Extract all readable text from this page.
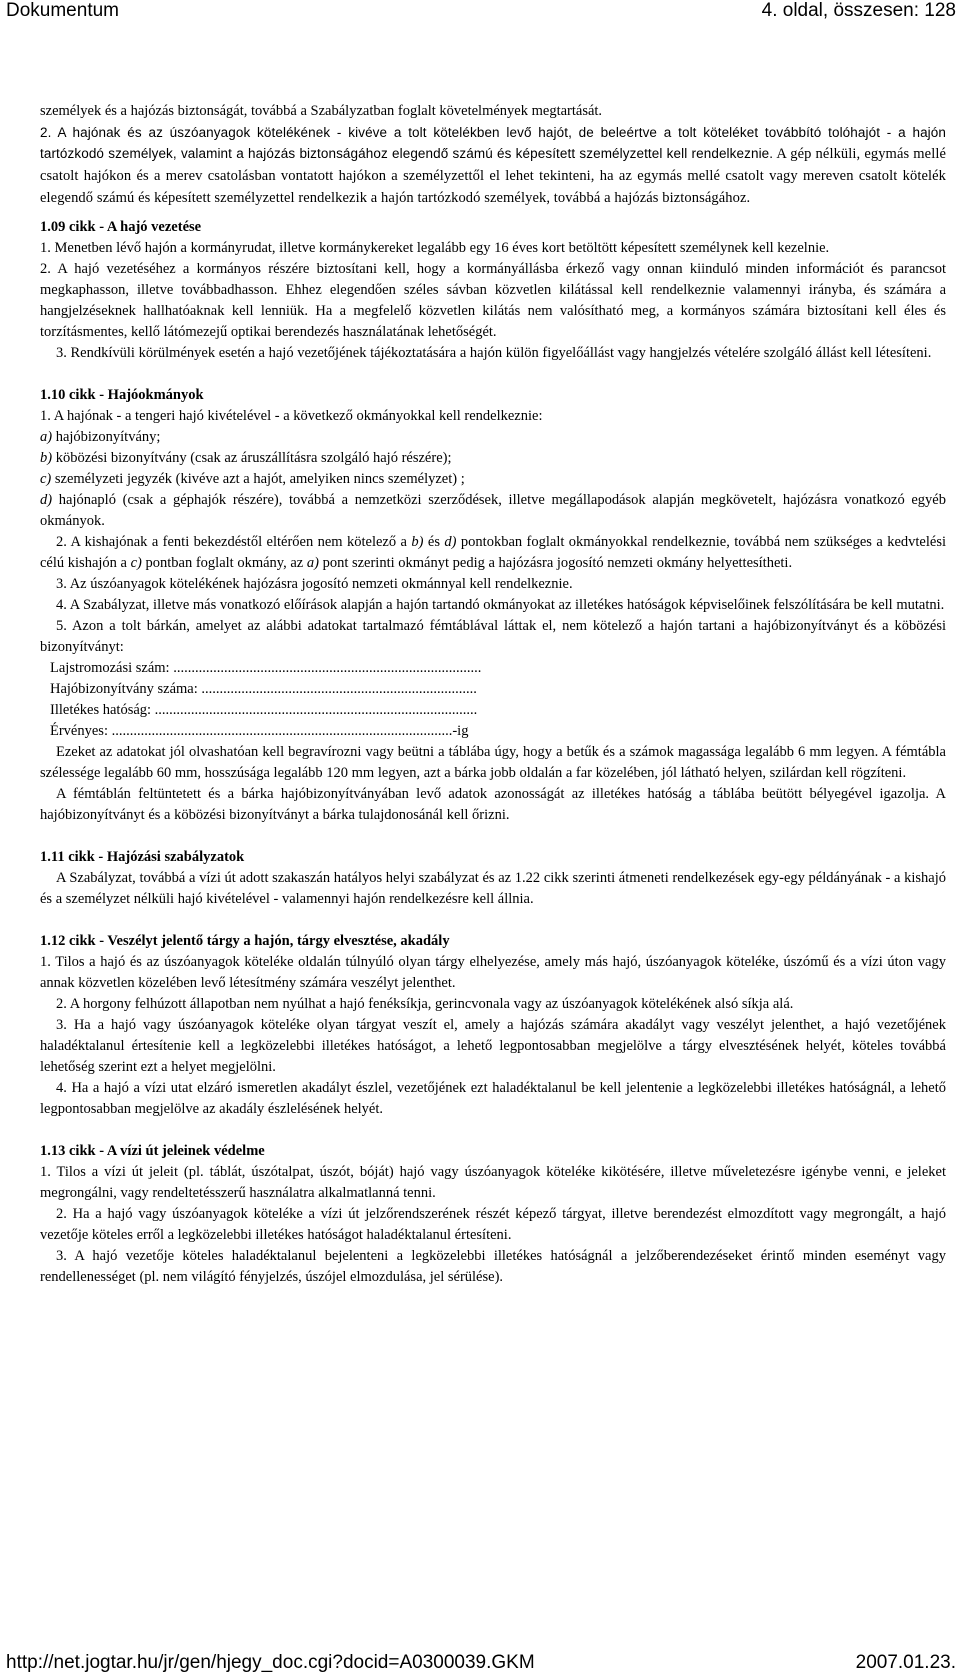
Dokumentum	4. oldal, összesen: 128

személyek és a hajózás biztonságát, továbbá a Szabályzatban foglalt követelmények megtartását.

2. A hajónak és az úszóanyagok kötelékének - kivéve a tolt kötelékben levő hajót, de beleértve a tolt köteléket továbbító tolóhajót - a hajón tartózkodó személyek, valamint a hajózás biztonságához elegendő számú és képesített személyzettel kell rendelkeznie. A gép nélküli, egymás mellé csatolt hajókon és a merev csatolásban vontatott hajókon a személyzettől el lehet tekinteni, ha az egymás mellé csatolt vagy mereven csatolt kötelék elegendő számú és képesített személyzettel rendelkezik a hajón tartózkodó személyek, továbbá a hajózás biztonságához.

1.09 cikk - A hajó vezetése

1. Menetben lévő hajón a kormányrudat, illetve kormánykereket legalább egy 16 éves kort betöltött képesített személynek kell kezelnie.

2. A hajó vezetéséhez a kormányos részére biztosítani kell, hogy a kormányállásba érkező vagy onnan kiinduló minden információt és parancsot megkaphasson, illetve továbbadhasson. Ehhez elegendően széles sávban közvetlen kilátással kell rendelkeznie valamennyi irányba, és számára a hangjelzéseknek hallhatóaknak kell lenniük. Ha a megfelelő közvetlen kilátás nem valósítható meg, a kormányos számára biztosítani kell éles és torzításmentes, kellő látómezejű optikai berendezés használatának lehetőségét.

3. Rendkívüli körülmények esetén a hajó vezetőjének tájékoztatására a hajón külön figyelőállást vagy hangjelzés vételére szolgáló állást kell létesíteni.

1.10 cikk - Hajóokmányok

1. A hajónak - a tengeri hajó kivételével - a következő okmányokkal kell rendelkeznie:

a) hajóbizonyítvány;

b) köbözési bizonyítvány (csak az áruszállításra szolgáló hajó részére);

c) személyzeti jegyzék (kivéve azt a hajót, amelyiken nincs személyzet) ;

d) hajónapló (csak a géphajók részére), továbbá a nemzetközi szerződések, illetve megállapodások alapján megkövetelt, hajózásra vonatkozó egyéb okmányok.

2. A kishajónak a fenti bekezdéstől eltérően nem kötelező a b) és d) pontokban foglalt okmányokkal rendelkeznie, továbbá nem szükséges a kedvtelési célú kishajón a c) pontban foglalt okmány, az a) pont szerinti okmányt pedig a hajózásra jogosító nemzeti okmány helyettesítheti.

3. Az úszóanyagok kötelékének hajózásra jogosító nemzeti okmánnyal kell rendelkeznie.

4. A Szabályzat, illetve más vonatkozó előírások alapján a hajón tartandó okmányokat az illetékes hatóságok képviselőinek felszólítására be kell mutatni.

5. Azon a tolt bárkán, amelyet az alábbi adatokat tartalmazó fémtáblával láttak el, nem kötelező a hajón tartani a hajóbizonyítványt és a köbözési bizonyítványt:

Lajstromozási szám: .....................................................................................

Hajóbizonyítvány száma: ............................................................................

Illetékes hatóság: .........................................................................................

Érvényes: ..............................................................................................-ig

Ezeket az adatokat jól olvashatóan kell begravírozni vagy beütni a táblába úgy, hogy a betűk és a számok magassága legalább 6 mm legyen. A fémtábla szélessége legalább 60 mm, hosszúsága legalább 120 mm legyen, azt a bárka jobb oldalán a far közelében, jól látható helyen, szilárdan kell rögzíteni.

A fémtáblán feltüntetett és a bárka hajóbizonyítványában levő adatok azonosságát az illetékes hatóság a táblába beütött bélyegével igazolja. A hajóbizonyítványt és a köbözési bizonyítványt a bárka tulajdonosánál kell őrizni.

1.11 cikk - Hajózási szabályzatok

A Szabályzat, továbbá a vízi út adott szakaszán hatályos helyi szabályzat és az 1.22 cikk szerinti átmeneti rendelkezések egy-egy példányának - a kishajó és a személyzet nélküli hajó kivételével - valamennyi hajón rendelkezésre kell állnia.

1.12 cikk - Veszélyt jelentő tárgy a hajón, tárgy elvesztése, akadály

1. Tilos a hajó és az úszóanyagok köteléke oldalán túlnyúló olyan tárgy elhelyezése, amely más hajó, úszóanyagok köteléke, úszómű és a vízi úton vagy annak közvetlen közelében levő létesítmény számára veszélyt jelenthet.

2. A horgony felhúzott állapotban nem nyúlhat a hajó fenéksíkja, gerincvonala vagy az úszóanyagok kötelékének alsó síkja alá.

3. Ha a hajó vagy úszóanyagok köteléke olyan tárgyat veszít el, amely a hajózás számára akadályt vagy veszélyt jelenthet, a hajó vezetőjének haladéktalanul értesítenie kell a legközelebbi illetékes hatóságot, a lehető legpontosabban megjelölve a tárgy elvesztésének helyét, köteles továbbá lehetőség szerint ezt a helyet megjelölni.

4. Ha a hajó a vízi utat elzáró ismeretlen akadályt észlel, vezetőjének ezt haladéktalanul be kell jelentenie a legközelebbi illetékes hatóságnál, a lehető legpontosabban megjelölve az akadály észlelésének helyét.

1.13 cikk - A vízi út jeleinek védelme

1. Tilos a vízi út jeleit (pl. táblát, úszótalpat, úszót, bóját) hajó vagy úszóanyagok köteléke kikötésére, illetve műveletezésre igénybe venni, e jeleket megrongálni, vagy rendeltetésszerű használatra alkalmatlanná tenni.

2. Ha a hajó vagy úszóanyagok köteléke a vízi út jelzőrendszerének részét képező tárgyat, illetve berendezést elmozdított vagy megrongált, a hajó vezetője köteles erről a legközelebbi illetékes hatóságot haladéktalanul értesíteni.

3. A hajó vezetője köteles haladéktalanul bejelenteni a legközelebbi illetékes hatóságnál a jelzőberendezéseket érintő minden eseményt vagy rendellenességet (pl. nem világító fényjelzés, úszójel elmozdulása, jel sérülése).

http://net.jogtar.hu/jr/gen/hjegy_doc.cgi?docid=A0300039.GKM	2007.01.23.
